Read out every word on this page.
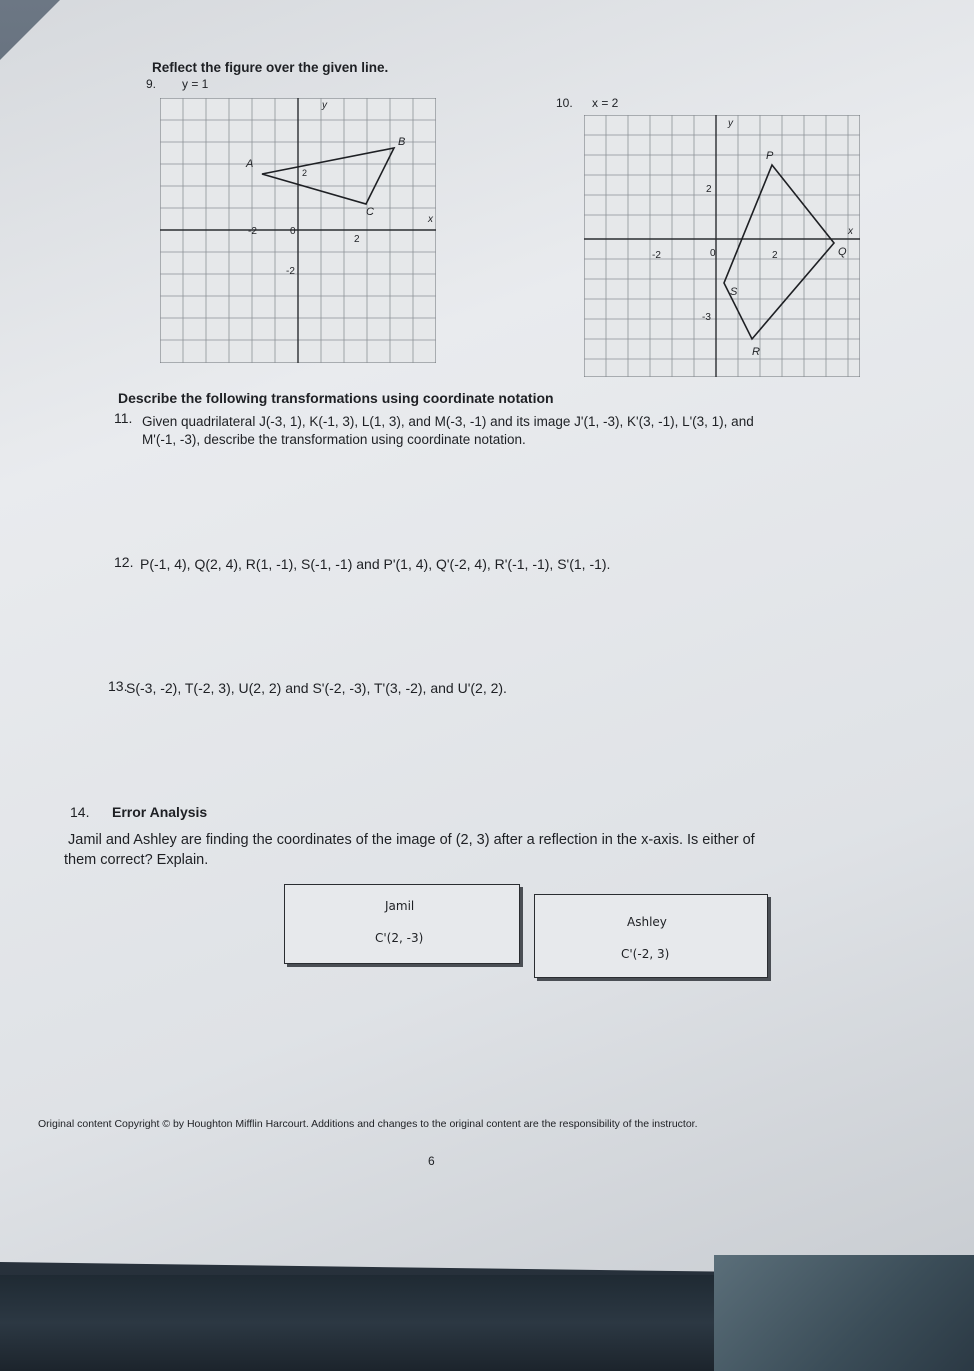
Reflect the figure over the given line.
9. y = 1
y
x
A
B
C
-2	0
2
2
-2
10. x = 2
y
x
P
Q
R
S
-2	0	2
2
-3
Describe the following transformations using coordinate notation
11. Given quadrilateral J(-3, 1), K(-1, 3), L(1, 3), and M(-3, -1) and its image J'(1, -3), K'(3, -1), L'(3, 1), and
M'(-1, -3), describe the transformation using coordinate notation.
12. P(-1, 4), Q(2, 4), R(1, -1), S(-1, -1) and P'(1, 4), Q'(-2, 4), R'(-1, -1), S'(1, -1).
13.
S(-3, -2), T(-2, 3), U(2, 2) and S'(-2, -3), T'(3, -2), and U'(2, 2).
14. Error Analysis
Jamil and Ashley are finding the coordinates of the image of (2, 3) after a reflection in the x-axis. Is either of
them correct? Explain.
Jamil
C'(2, -3)
Ashley
C'(-2, 3)
Original content Copyright © by Houghton Mifflin Harcourt. Additions and changes to the original content are the responsibility of the instructor.
6
